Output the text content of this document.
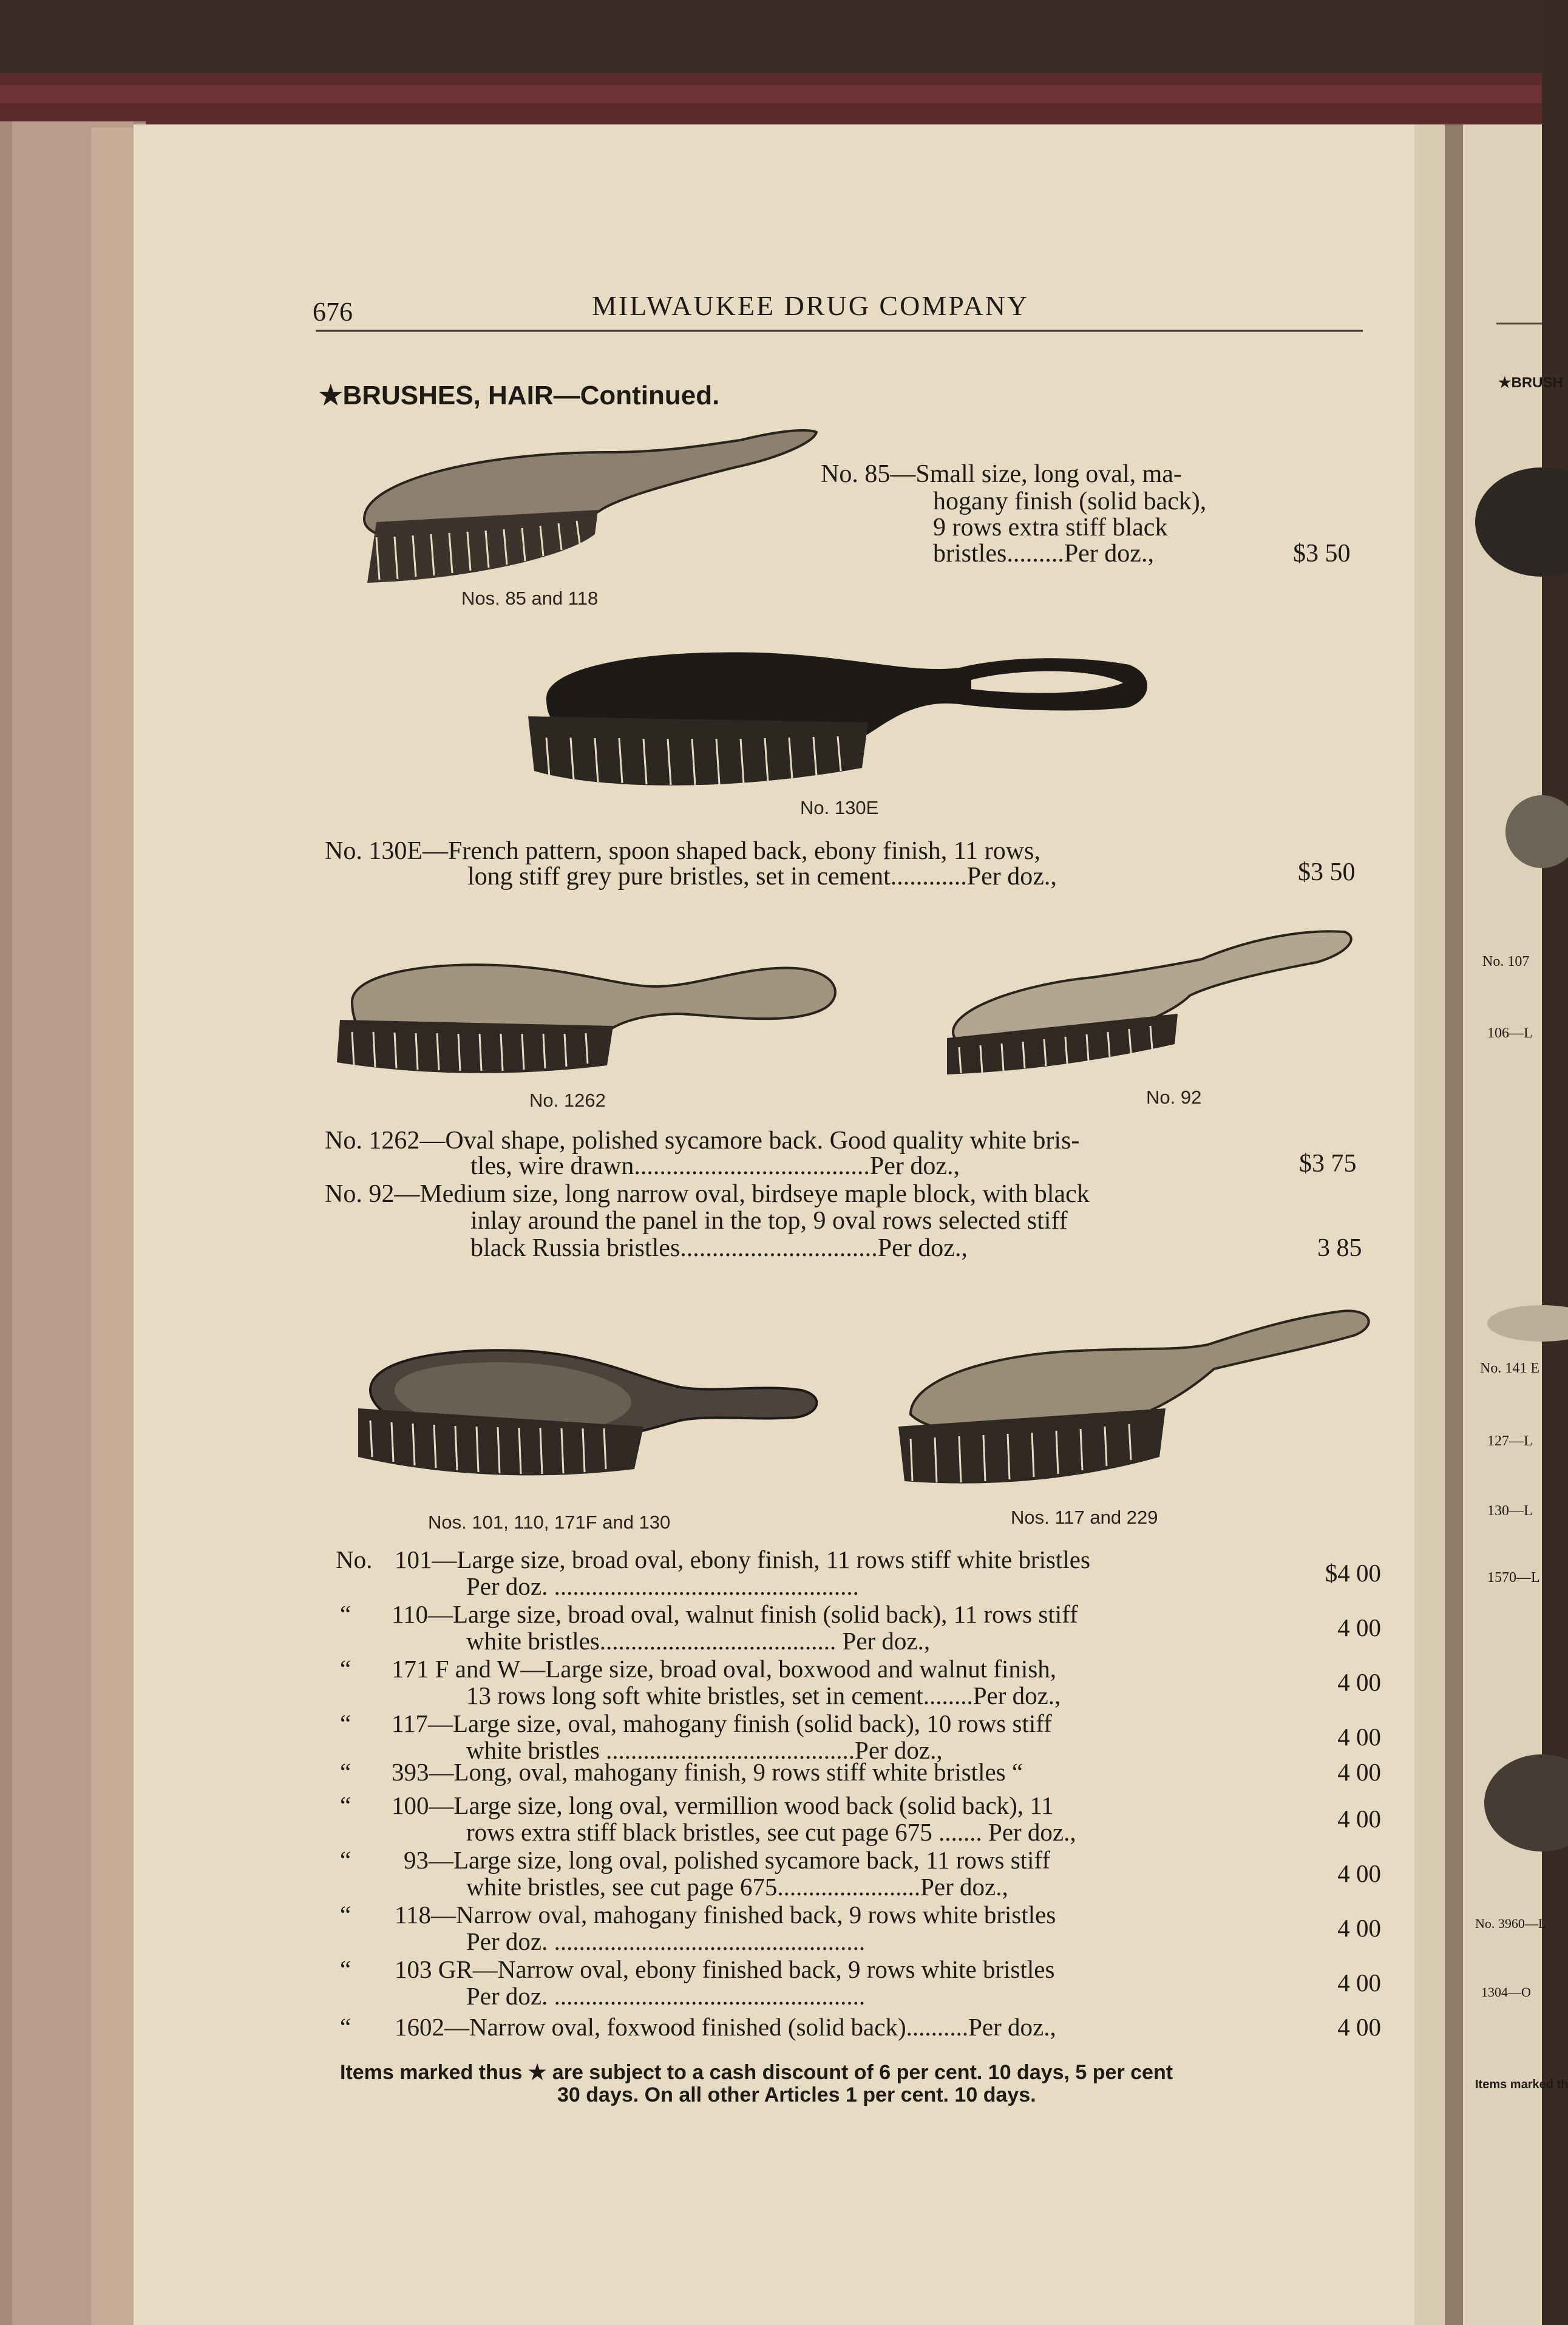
676	MILWAUKEE DRUG COMPANY
★BRUSHES, HAIR—Continued.
No. 85—Small size, long oval, ma-
hogany finish (solid back),
9 rows extra stiff black
bristles.........Per doz.,	$3 50
Nos. 85 and 118
No. 130E
No. 130E—French pattern, spoon shaped back, ebony finish, 11 rows,
long stiff grey pure bristles, set in cement............Per doz.,	$3 50
No. 1262	No. 92
No. 1262—Oval shape, polished sycamore back. Good quality white bris-
tles, wire drawn.....................................Per doz.,	$3 75
No. 92—Medium size, long narrow oval, birdseye maple block, with black
inlay around the panel in the top, 9 oval rows selected stiff
black Russia bristles...............................Per doz.,	3 85
Nos. 101, 110, 171F and 130	Nos. 117 and 229
No. 101—Large size, broad oval, ebony finish, 11 rows stiff white bristles
Per doz. .................................................	$4 00
“ 110—Large size, broad oval, walnut finish (solid back), 11 rows stiff
white bristles...................................... Per doz.,	4 00
“ 171 F and W—Large size, broad oval, boxwood and walnut finish,
13 rows long soft white bristles, set in cement........Per doz.,	4 00
“ 117—Large size, oval, mahogany finish (solid back), 10 rows stiff
white bristles ........................................Per doz.,	4 00
“ 393—Long, oval, mahogany finish, 9 rows stiff white bristles “	4 00
“ 100—Large size, long oval, vermillion wood back (solid back), 11
rows extra stiff black bristles, see cut page 675 ....... Per doz.,	4 00
“ 93—Large size, long oval, polished sycamore back, 11 rows stiff
white bristles, see cut page 675.......................Per doz.,	4 00
“ 118—Narrow oval, mahogany finished back, 9 rows white bristles
Per doz. ..................................................	4 00
“ 103 GR—Narrow oval, ebony finished back, 9 rows white bristles
Per doz. ..................................................	4 00
“ 1602—Narrow oval, foxwood finished (solid back)..........Per doz.,	4 00
Items marked thus ★ are subject to a cash discount of 6 per cent. 10 days, 5 per cent
30 days. On all other Articles 1 per cent. 10 days.
★BRUSH
No. 107
106—L
No. 141 E
127—L
130—L
1570—L
No. 3960—L
1304—O
Items marked th
